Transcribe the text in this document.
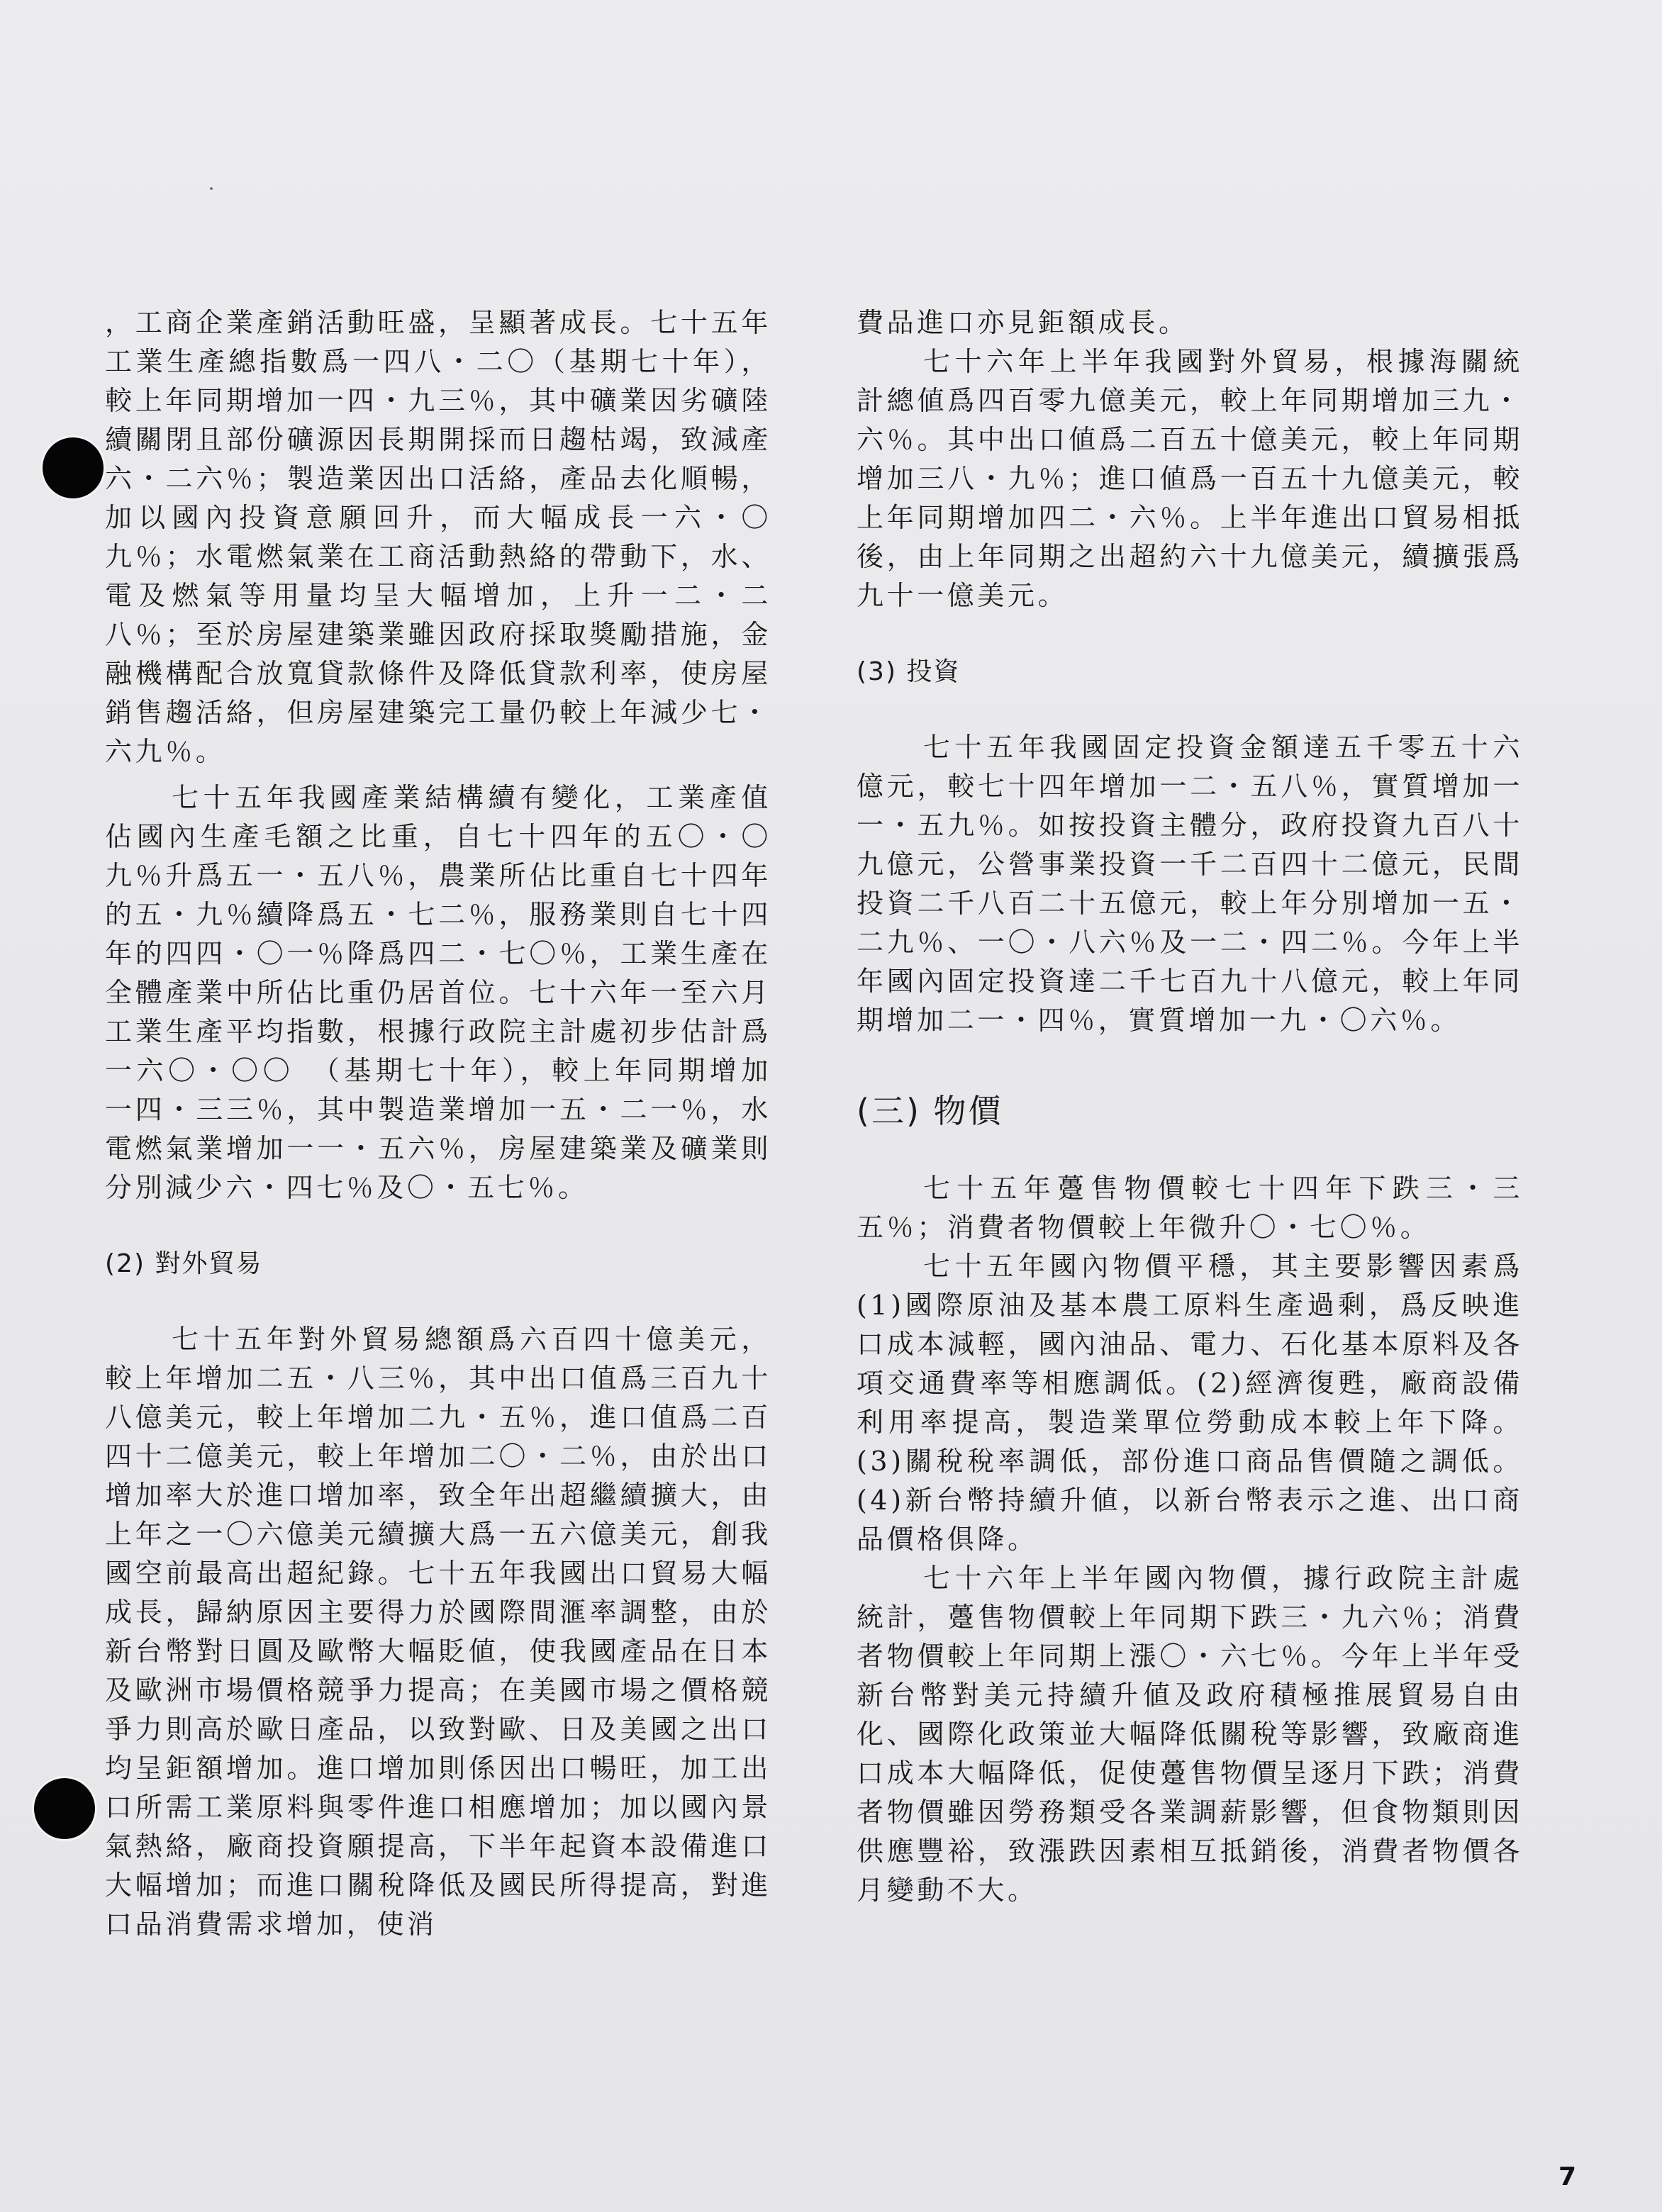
，工商企業產銷活動旺盛，呈顯著成長。七十五年工業生產總指數爲一四八・二〇（基期七十年），較上年同期增加一四・九三％，其中礦業因劣礦陸續關閉且部份礦源因長期開採而日趨枯竭，致減產六・二六％；製造業因出口活絡，產品去化順暢，加以國內投資意願回升，而大幅成長一六・〇九％；水電燃氣業在工商活動熱絡的帶動下，水、電及燃氣等用量均呈大幅增加，上升一二・二八％；至於房屋建築業雖因政府採取獎勵措施，金融機構配合放寬貸款條件及降低貸款利率，使房屋銷售趨活絡，但房屋建築完工量仍較上年減少七・六九％。

七十五年我國產業結構續有變化，工業產值佔國內生產毛額之比重，自七十四年的五〇・〇九％升爲五一・五八％，農業所佔比重自七十四年的五・九％續降爲五・七二％，服務業則自七十四年的四四・〇一％降爲四二・七〇％，工業生產在全體產業中所佔比重仍居首位。七十六年一至六月工業生產平均指數，根據行政院主計處初步估計爲一六〇・〇〇　（基期七十年），較上年同期增加一四・三三％，其中製造業增加一五・二一％，水電燃氣業增加一一・五六％，房屋建築業及礦業則分別減少六・四七％及〇・五七％。

(2) 對外貿易

七十五年對外貿易總額爲六百四十億美元，較上年增加二五・八三％，其中出口值爲三百九十八億美元，較上年增加二九・五％，進口值爲二百四十二億美元，較上年增加二〇・二％，由於出口增加率大於進口增加率，致全年出超繼續擴大，由上年之一〇六億美元續擴大爲一五六億美元，創我國空前最高出超紀錄。七十五年我國出口貿易大幅成長，歸納原因主要得力於國際間滙率調整，由於新台幣對日圓及歐幣大幅貶値，使我國產品在日本及歐洲市場價格競爭力提高；在美國市場之價格競爭力則高於歐日產品，以致對歐、日及美國之出口均呈鉅額增加。進口增加則係因出口暢旺，加工出口所需工業原料與零件進口相應增加；加以國內景氣熱絡，廠商投資願提高，下半年起資本設備進口大幅增加；而進口關稅降低及國民所得提高，對進口品消費需求增加，使消

費品進口亦見鉅額成長。

七十六年上半年我國對外貿易，根據海關統計總値爲四百零九億美元，較上年同期增加三九・六％。其中出口値爲二百五十億美元，較上年同期增加三八・九％；進口値爲一百五十九億美元，較上年同期增加四二・六％。上半年進出口貿易相抵後，由上年同期之出超約六十九億美元，續擴張爲九十一億美元。

(3) 投資

七十五年我國固定投資金額達五千零五十六億元，較七十四年增加一二・五八％，實質增加一一・五九％。如按投資主體分，政府投資九百八十九億元，公營事業投資一千二百四十二億元，民間投資二千八百二十五億元，較上年分別增加一五・二九％、一〇・八六％及一二・四二％。今年上半年國內固定投資達二千七百九十八億元，較上年同期增加二一・四％，實質增加一九・〇六％。

(三) 物價

七十五年躉售物價較七十四年下跌三・三五％；消費者物價較上年微升〇・七〇％。

七十五年國內物價平穩，其主要影響因素爲(1)國際原油及基本農工原料生產過剩，爲反映進口成本減輕，國內油品、電力、石化基本原料及各項交通費率等相應調低。(2)經濟復甦，廠商設備利用率提高，製造業單位勞動成本較上年下降。(3)關稅稅率調低，部份進口商品售價隨之調低。(4)新台幣持續升値，以新台幣表示之進、出口商品價格俱降。

七十六年上半年國內物價，據行政院主計處統計，躉售物價較上年同期下跌三・九六％；消費者物價較上年同期上漲〇・六七％。今年上半年受新台幣對美元持續升値及政府積極推展貿易自由化、國際化政策並大幅降低關稅等影響，致廠商進口成本大幅降低，促使躉售物價呈逐月下跌；消費者物價雖因勞務類受各業調薪影響，但食物類則因供應豐裕，致漲跌因素相互抵銷後，消費者物價各月變動不大。

7
